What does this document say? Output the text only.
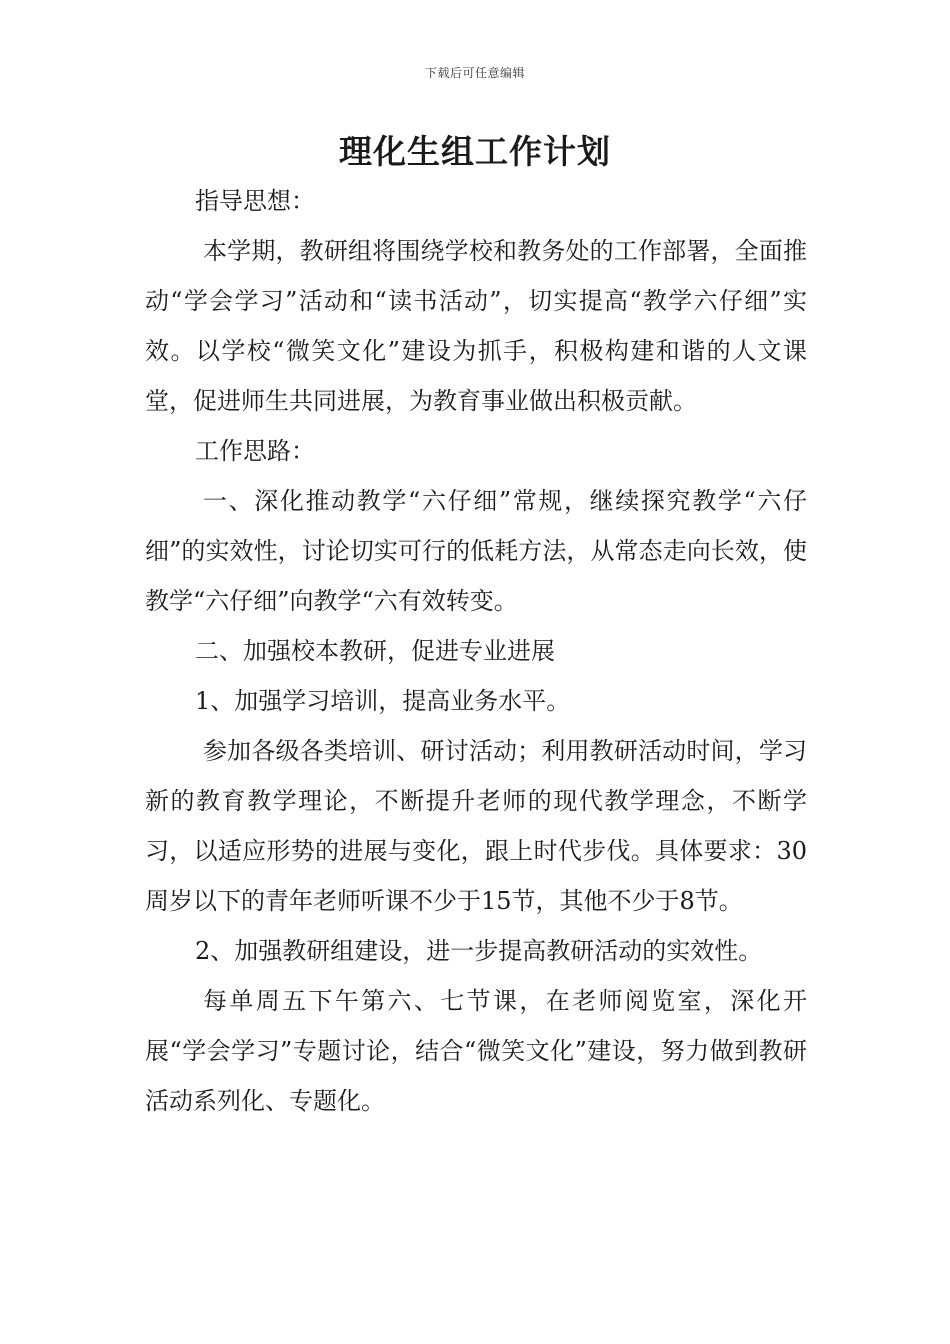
下载后可任意编辑
理化生组工作计划

指导思想：

本学期，教研组将围绕学校和教务处的工作部署，全面推动“学会学习”活动和“读书活动”，切实提高“教学六仔细”实效。以学校“微笑文化”建设为抓手，积极构建和谐的人文课堂，促进师生共同进展，为教育事业做出积极贡献。

工作思路：

一、深化推动教学“六仔细”常规，继续探究教学“六仔细”的实效性，讨论切实可行的低耗方法，从常态走向长效，使教学“六仔细”向教学“六有效转变。

二、加强校本教研，促进专业进展

1、加强学习培训，提高业务水平。

参加各级各类培训、研讨活动；利用教研活动时间，学习新的教育教学理论，不断提升老师的现代教学理念，不断学习，以适应形势的进展与变化，跟上时代步伐。具体要求：30周岁以下的青年老师听课不少于15节，其他不少于8节。

2、加强教研组建设，进一步提高教研活动的实效性。

每单周五下午第六、七节课，在老师阅览室，深化开展“学会学习”专题讨论，结合“微笑文化”建设，努力做到教研活动系列化、专题化。
